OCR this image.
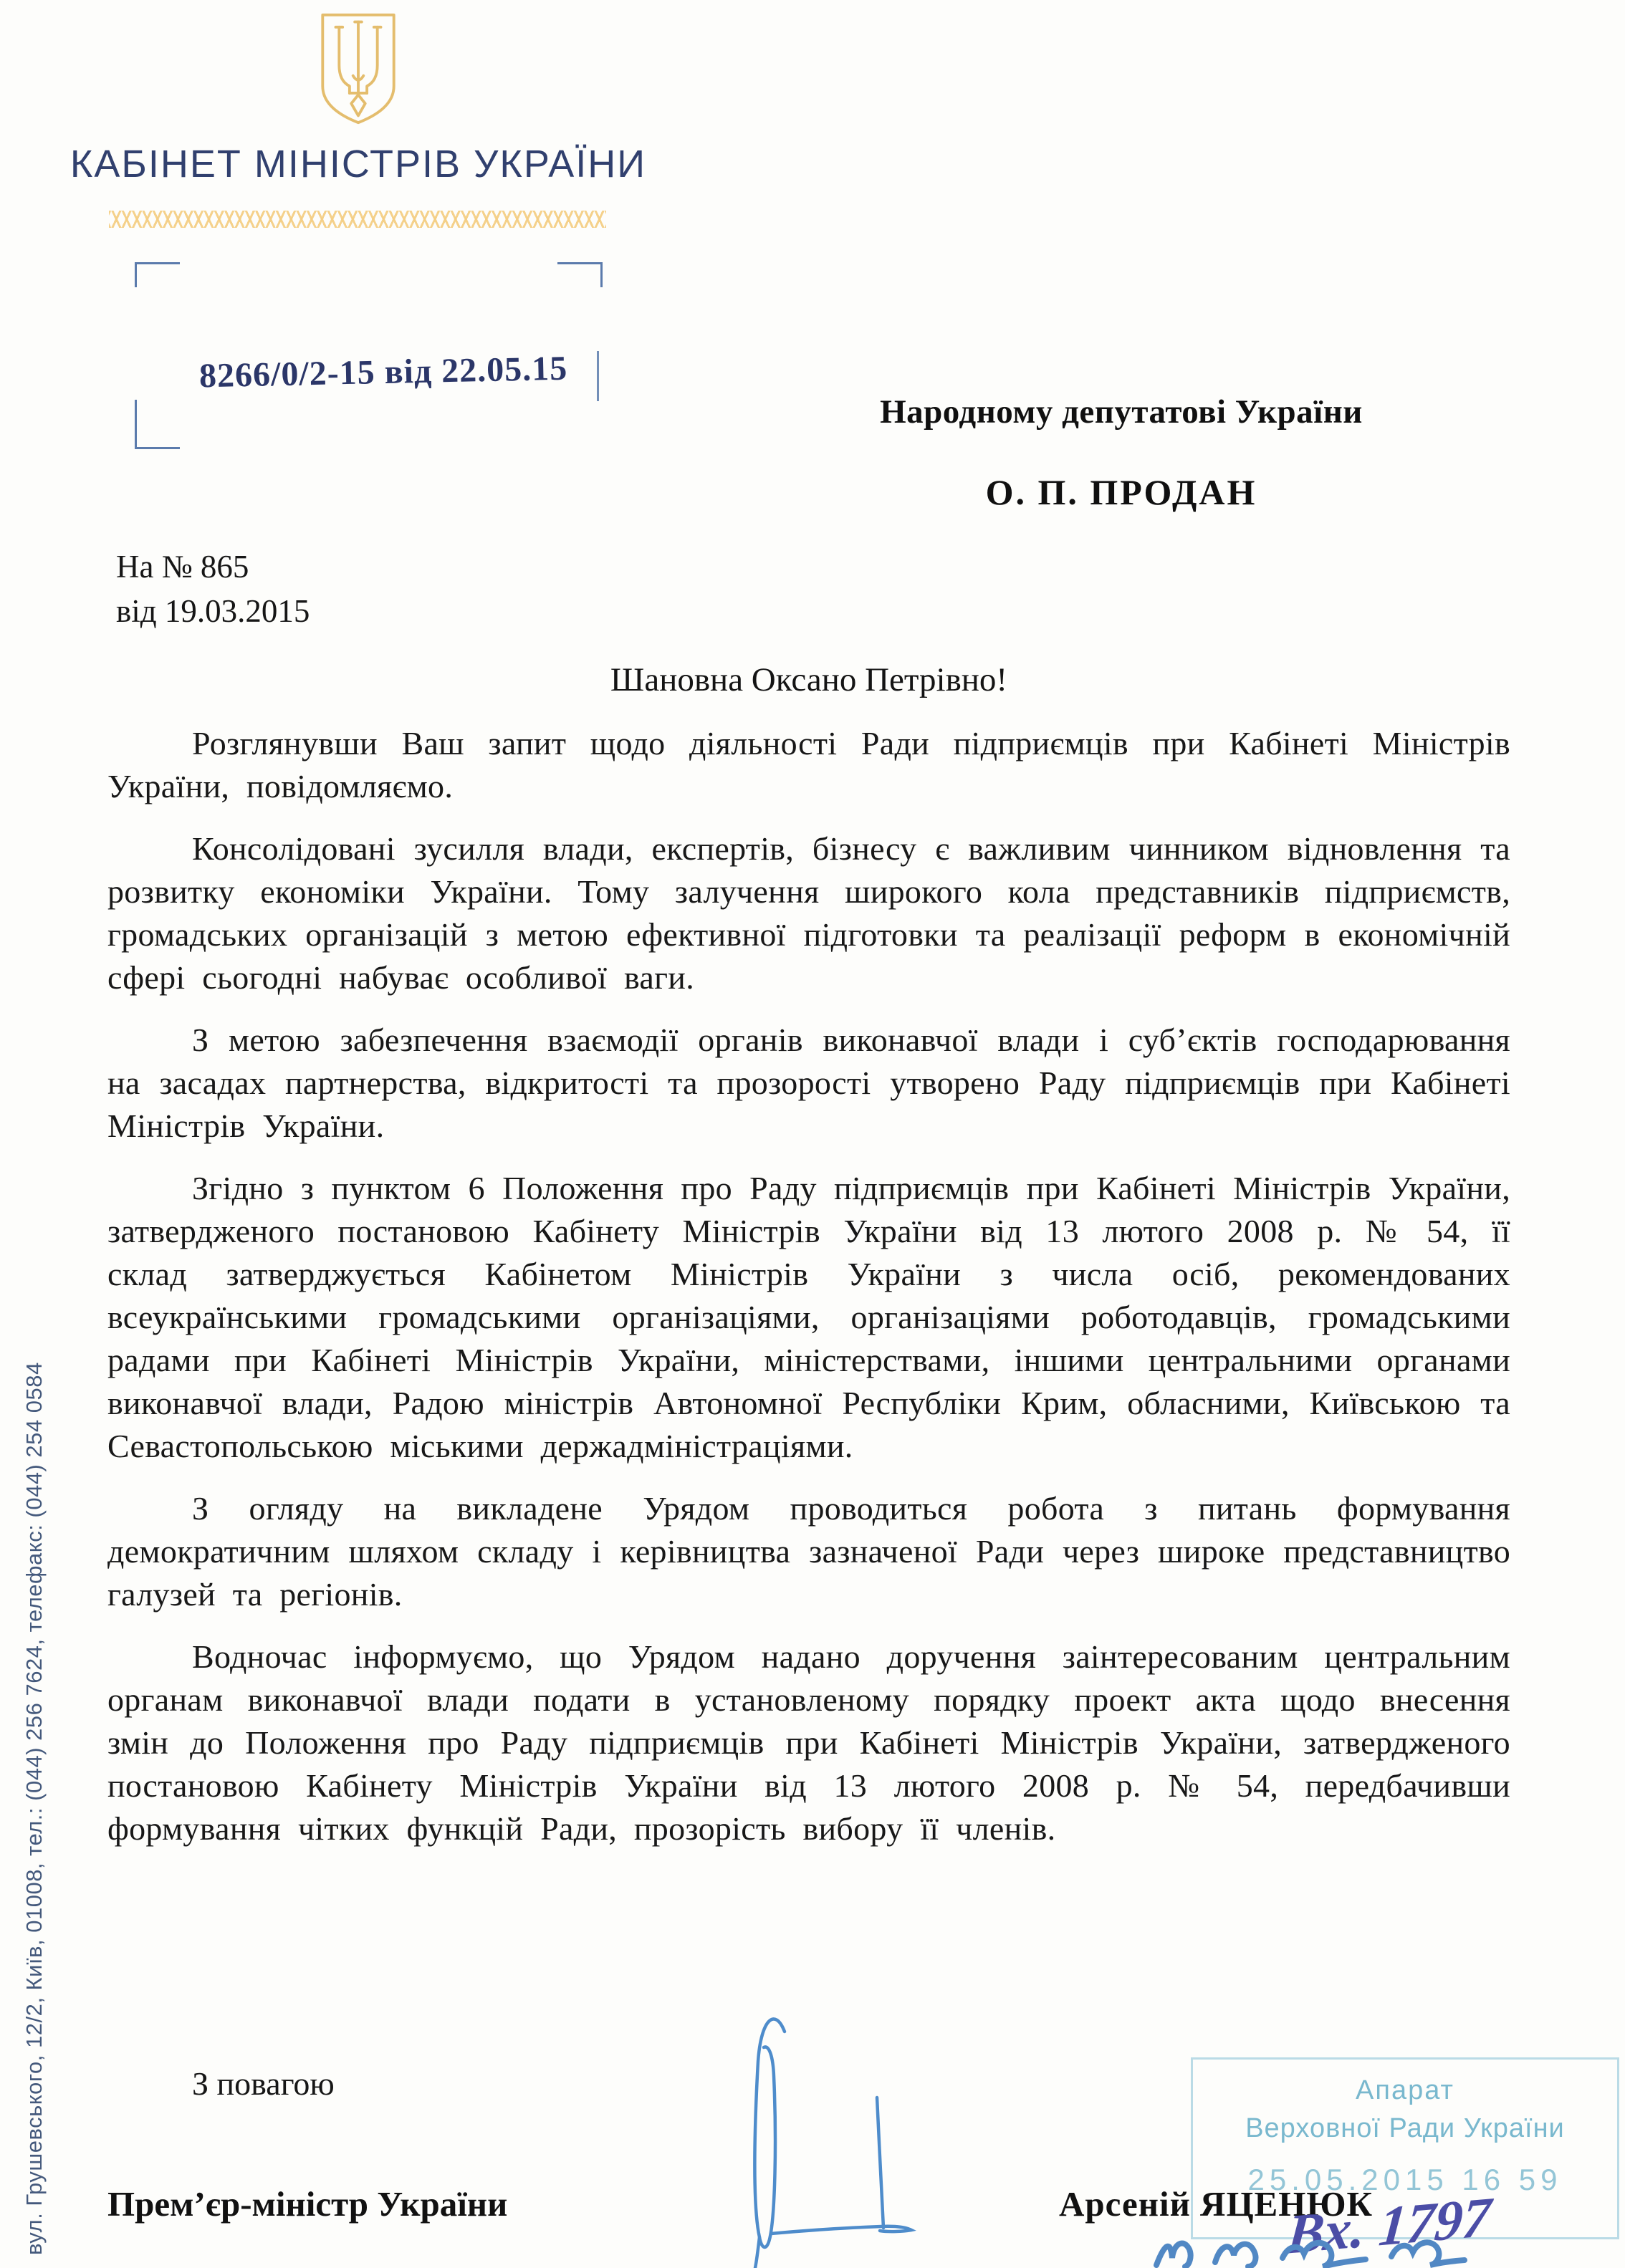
КАБІНЕТ МІНІСТРІВ УКРАЇНИ
8266/0/2-15 від 22.05.15
На № 865
від 19.03.2015
Народному депутатові України
О. П. ПРОДАН
Шановна Оксано Петрівно!

Розглянувши Ваш запит щодо діяльності Ради підприємців при Кабінеті Міністрів України, повідомляємо.

Консолідовані зусилля влади, експертів, бізнесу є важливим чинником відновлення та розвитку економіки України. Тому залучення широкого кола представників підприємств, громадських організацій з метою ефективної підготовки та реалізації реформ в економічній сфері сьогодні набуває особливої ваги.

З метою забезпечення взаємодії органів виконавчої влади і суб’єктів господарювання на засадах партнерства, відкритості та прозорості утворено Раду підприємців при Кабінеті Міністрів України.

Згідно з пунктом 6 Положення про Раду підприємців при Кабінеті Міністрів України, затвердженого постановою Кабінету Міністрів України від 13 лютого 2008 р. № 54, її склад затверджується Кабінетом Міністрів України з числа осіб, рекомендованих всеукраїнськими громадськими організаціями, організаціями роботодавців, громадськими радами при Кабінеті Міністрів України, міністерствами, іншими центральними органами виконавчої влади, Радою міністрів Автономної Республіки Крим, обласними, Київською та Севастопольською міськими держадміністраціями.

З огляду на викладене Урядом проводиться робота з питань формування демократичним шляхом складу і керівництва зазначеної Ради через широке представництво галузей та регіонів.

Водночас інформуємо, що Урядом надано доручення заінтересованим центральним органам виконавчої влади подати в установленому порядку проект акта щодо внесення змін до Положення про Раду підприємців при Кабінеті Міністрів України, затвердженого постановою Кабінету Міністрів України від 13 лютого 2008 р. № 54, передбачивши формування чітких функцій Ради, прозорість вибору її членів.

З повагою
Прем’єр-міністр України	Арсеній ЯЦЕНЮК
Апарат
Верховної Ради України
25.05.2015 16 59
Вх. 1797
вул. Грушевського, 12/2, Київ, 01008, тел.: (044) 256 7624, телефакс: (044) 254 0584
